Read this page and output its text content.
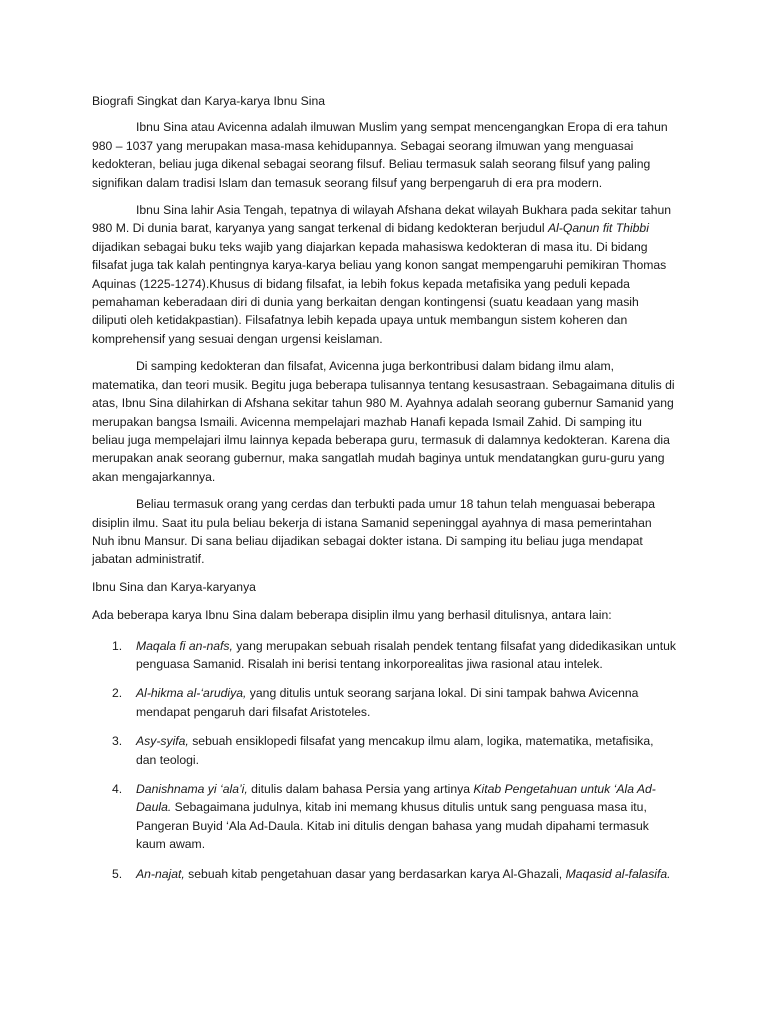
Biografi Singkat dan Karya-karya Ibnu Sina

Ibnu Sina atau Avicenna adalah ilmuwan Muslim yang sempat mencengangkan Eropa di era tahun 980 – 1037 yang merupakan masa-masa kehidupannya. Sebagai seorang ilmuwan yang menguasai kedokteran, beliau juga dikenal sebagai seorang filsuf. Beliau termasuk salah seorang filsuf yang paling signifikan dalam tradisi Islam dan temasuk seorang filsuf yang berpengaruh di era pra modern.

Ibnu Sina lahir Asia Tengah, tepatnya di wilayah Afshana dekat wilayah Bukhara pada sekitar tahun 980 M. Di dunia barat, karyanya yang sangat terkenal di bidang kedokteran berjudul Al-Qanun fit Thibbi dijadikan sebagai buku teks wajib yang diajarkan kepada mahasiswa kedokteran di masa itu. Di bidang filsafat juga tak kalah pentingnya karya-karya beliau yang konon sangat mempengaruhi pemikiran Thomas Aquinas (1225-1274).Khusus di bidang filsafat, ia lebih fokus kepada metafisika yang peduli kepada pemahaman keberadaan diri di dunia yang berkaitan dengan kontingensi (suatu keadaan yang masih diliputi oleh ketidakpastian). Filsafatnya lebih kepada upaya untuk membangun sistem koheren dan komprehensif yang sesuai dengan urgensi keislaman.

Di samping kedokteran dan filsafat, Avicenna juga berkontribusi dalam bidang ilmu alam, matematika, dan teori musik. Begitu juga beberapa tulisannya tentang kesusastraan. Sebagaimana ditulis di atas, Ibnu Sina dilahirkan di Afshana sekitar tahun 980 M. Ayahnya adalah seorang gubernur Samanid yang merupakan bangsa Ismaili. Avicenna mempelajari mazhab Hanafi kepada Ismail Zahid. Di samping itu beliau juga mempelajari ilmu lainnya kepada beberapa guru, termasuk di dalamnya kedokteran. Karena dia merupakan anak seorang gubernur, maka sangatlah mudah baginya untuk mendatangkan guru-guru yang akan mengajarkannya.

Beliau termasuk orang yang cerdas dan terbukti pada umur 18 tahun telah menguasai beberapa disiplin ilmu. Saat itu pula beliau bekerja di istana Samanid sepeninggal ayahnya di masa pemerintahan Nuh ibnu Mansur. Di sana beliau dijadikan sebagai dokter istana. Di samping itu beliau juga mendapat jabatan administratif.

Ibnu Sina dan Karya-karyanya

Ada beberapa karya Ibnu Sina dalam beberapa disiplin ilmu yang berhasil ditulisnya, antara lain:

1. Maqala fi an-nafs, yang merupakan sebuah risalah pendek tentang filsafat yang didedikasikan untuk penguasa Samanid. Risalah ini berisi tentang inkorporealitas jiwa rasional atau intelek.
2. Al-hikma al-‘arudiya, yang ditulis untuk seorang sarjana lokal. Di sini tampak bahwa Avicenna mendapat pengaruh dari filsafat Aristoteles.
3. Asy-syifa, sebuah ensiklopedi filsafat yang mencakup ilmu alam, logika, matematika, metafisika, dan teologi.
4. Danishnama yi ‘ala’i, ditulis dalam bahasa Persia yang artinya Kitab Pengetahuan untuk ‘Ala Ad-Daula. Sebagaimana judulnya, kitab ini memang khusus ditulis untuk sang penguasa masa itu, Pangeran Buyid ‘Ala Ad-Daula. Kitab ini ditulis dengan bahasa yang mudah dipahami termasuk kaum awam.
5. An-najat, sebuah kitab pengetahuan dasar yang berdasarkan karya Al-Ghazali, Maqasid al-falasifa.
